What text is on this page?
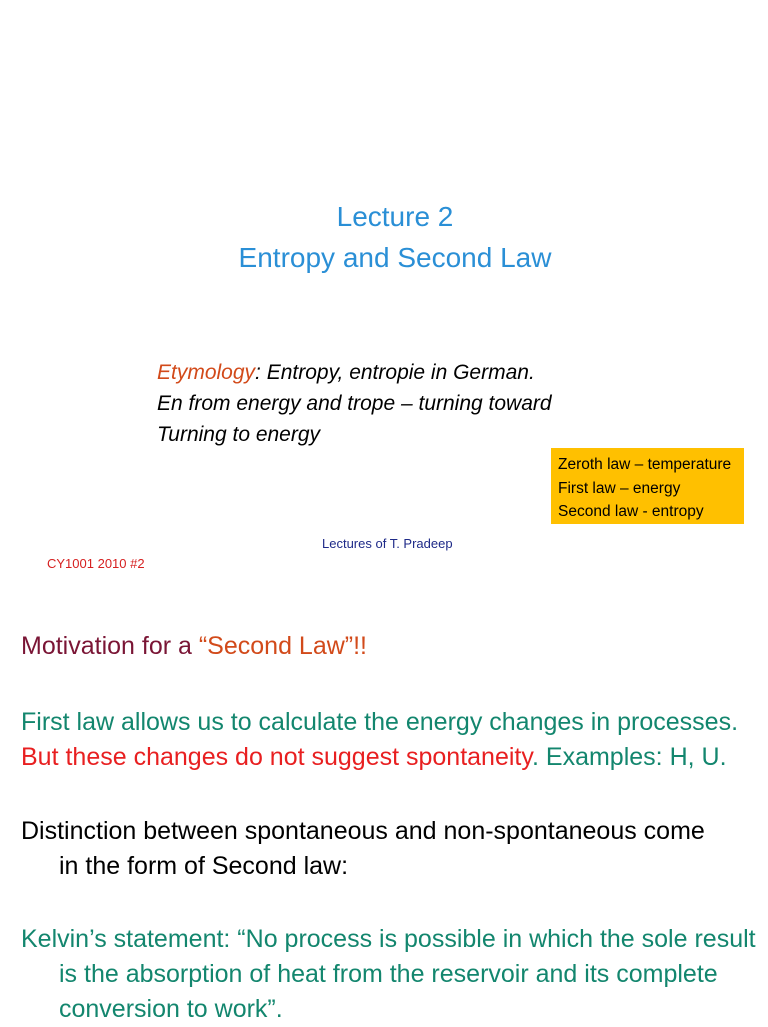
Lecture 2
Entropy and Second Law
Etymology: Entropy, entropie in German.
En from energy and trope – turning toward
Turning to energy
Zeroth law – temperature
First law – energy
Second law - entropy
Lectures of T. Pradeep
CY1001 2010 #2
Motivation for a “Second Law”!!
First law allows us to calculate the energy changes in processes.
But these changes do not suggest spontaneity. Examples: H, U.
Distinction between spontaneous and non-spontaneous come
in the form of Second law:
Kelvin’s statement: “No process is possible in which the sole result
is the absorption of heat from the reservoir and its complete
conversion to work”.
